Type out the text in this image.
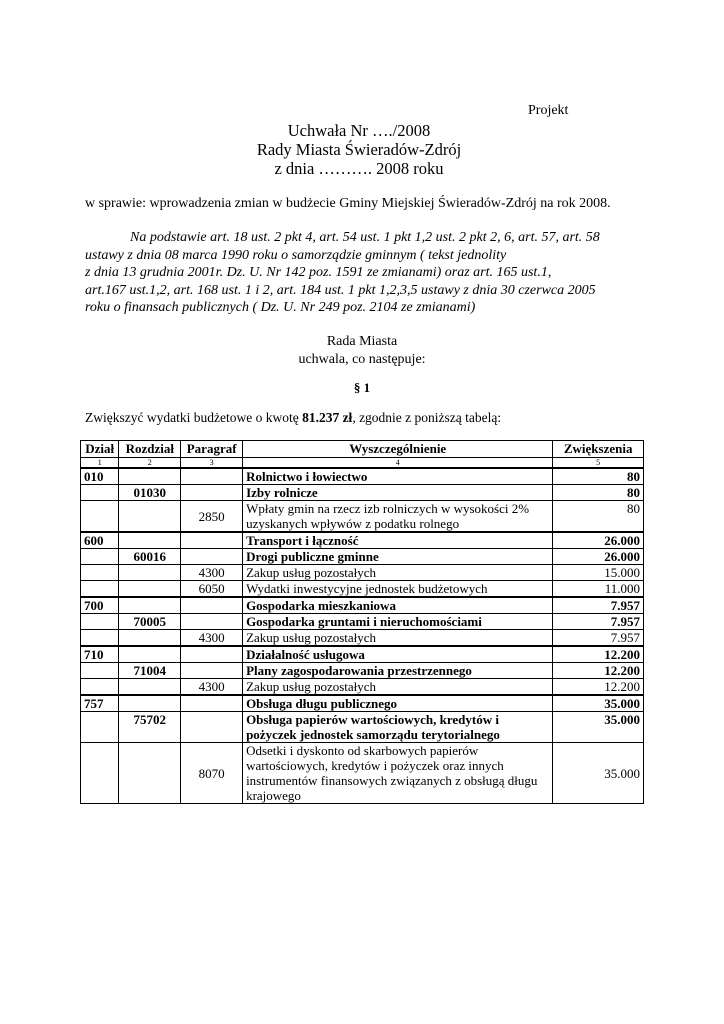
Projekt
Uchwała Nr …./2008
Rady Miasta Świeradów-Zdrój
z dnia ………. 2008 roku
w sprawie: wprowadzenia zmian w budżecie Gminy Miejskiej Świeradów-Zdrój na rok 2008.
Na podstawie art. 18 ust. 2 pkt 4, art. 54 ust. 1 pkt 1,2 ust. 2 pkt 2, 6, art. 57, art. 58
ustawy z dnia 08 marca 1990 roku o samorządzie gminnym ( tekst jednolity
z dnia 13 grudnia 2001r. Dz. U. Nr 142 poz. 1591 ze zmianami) oraz art. 165 ust.1,
art.167 ust.1,2, art. 168 ust. 1 i 2, art. 184 ust. 1 pkt 1,2,3,5 ustawy z dnia 30 czerwca 2005
roku o finansach publicznych ( Dz. U. Nr 249 poz. 2104 ze zmianami)
Rada Miasta
uchwala, co następuje:
§ 1
Zwiększyć wydatki budżetowe o kwotę 81.237 zł, zgodnie z poniższą tabelą:
Dział	Rozdział	Paragraf	Wyszczególnienie	Zwiększenia
1	2	3	4	5
010			Rolnictwo i łowiectwo	80
	01030		Izby rolnicze	80
		2850	Wpłaty gmin na rzecz izb rolniczych w wysokości 2% uzyskanych wpływów z podatku rolnego	80
600			Transport i łączność	26.000
	60016		Drogi publiczne gminne	26.000
		4300	Zakup usług pozostałych	15.000
		6050	Wydatki inwestycyjne jednostek budżetowych	11.000
700			Gospodarka mieszkaniowa	7.957
	70005		Gospodarka gruntami i nieruchomościami	7.957
		4300	Zakup usług pozostałych	7.957
710			Działalność usługowa	12.200
	71004		Plany zagospodarowania przestrzennego	12.200
		4300	Zakup usług pozostałych	12.200
757			Obsługa długu publicznego	35.000
	75702		Obsługa papierów wartościowych, kredytów i pożyczek jednostek samorządu terytorialnego	35.000
		8070	Odsetki i dyskonto od skarbowych papierów wartościowych, kredytów i pożyczek oraz innych instrumentów finansowych związanych z obsługą długu krajowego	35.000
